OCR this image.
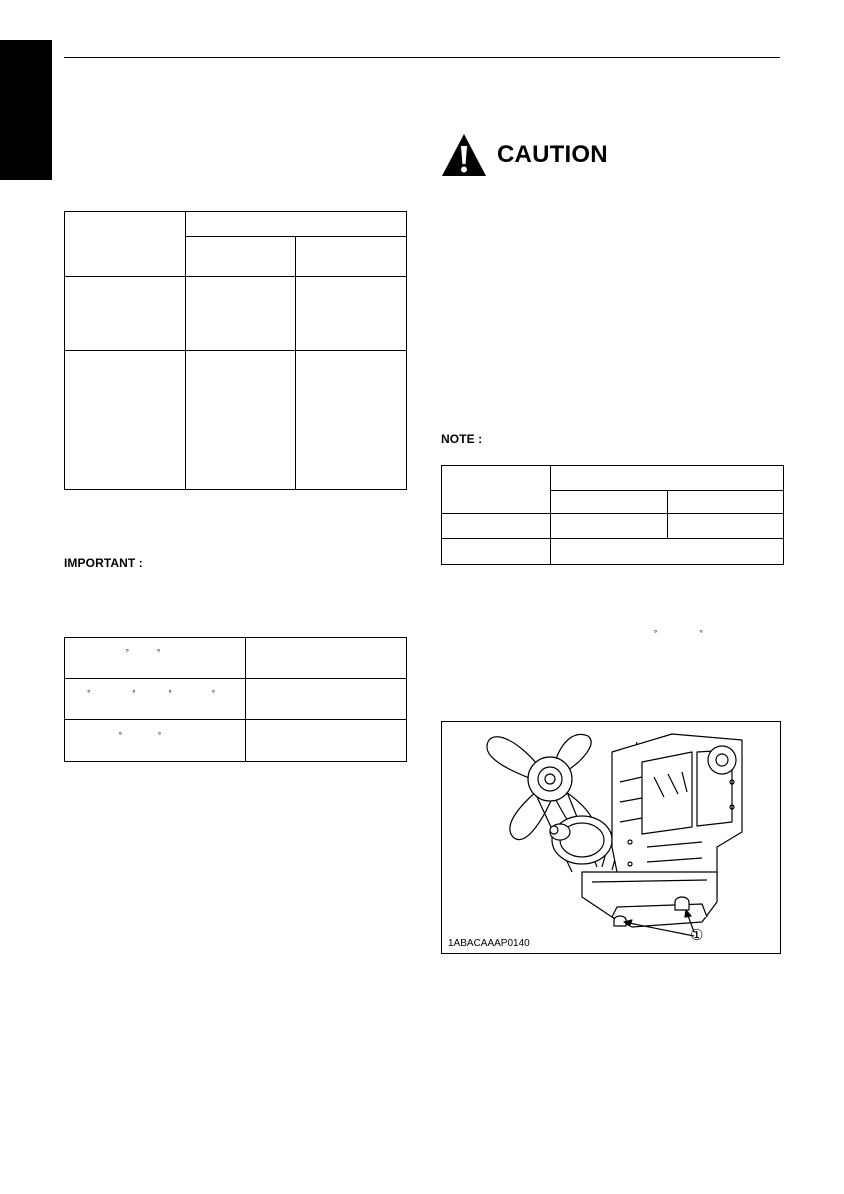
IMPORTANT :
° °	

° ° ° °	

° °	

CAUTION
NOTE :

°	°
①
1ABACAAAP0140
